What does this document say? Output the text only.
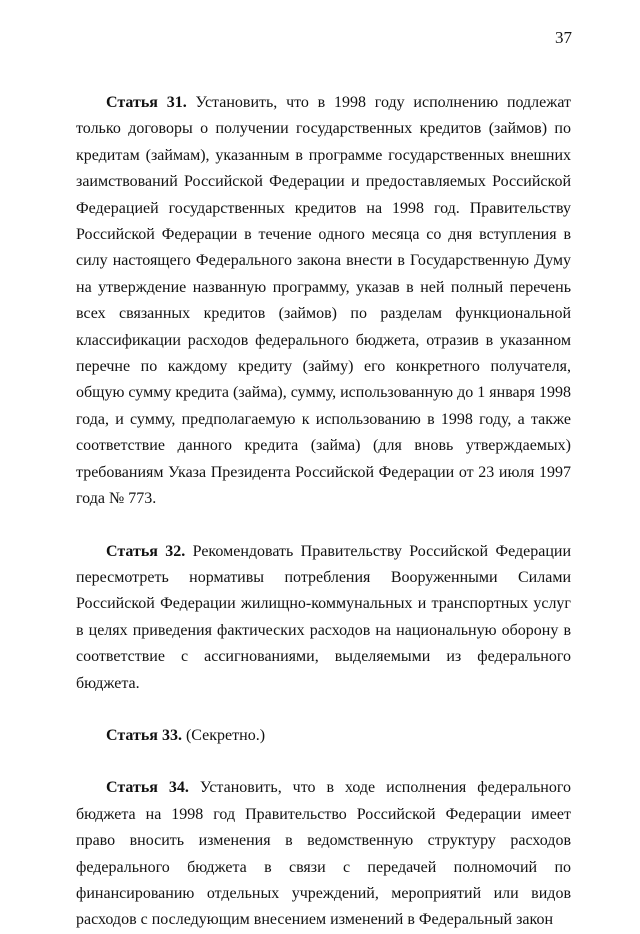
37

Статья 31. Установить, что в 1998 году исполнению подлежат только договоры о получении государственных кредитов (займов) по кредитам (займам), указанным в программе государственных внешних заимствований Российской Федерации и предоставляемых Российской Федерацией государственных кредитов на 1998 год. Правительству Российской Федерации в течение одного месяца со дня вступления в силу настоящего Федерального закона внести в Государственную Думу на утверждение названную программу, указав в ней полный перечень всех связанных кредитов (займов) по разделам функциональной классификации расходов федерального бюджета, отразив в указанном перечне по каждому кредиту (займу) его конкретного получателя, общую сумму кредита (займа), сумму, использованную до 1 января 1998 года, и сумму, предполагаемую к использованию в 1998 году, а также соответствие данного кредита (займа) (для вновь утверждаемых) требованиям Указа Президента Российской Федерации от 23 июля 1997 года № 773.

Статья 32. Рекомендовать Правительству Российской Федерации пересмотреть нормативы потребления Вооруженными Силами Российской Федерации жилищно-коммунальных и транспортных услуг в целях приведения фактических расходов на национальную оборону в соответствие с ассигнованиями, выделяемыми из федерального бюджета.

Статья 33. (Секретно.)

Статья 34. Установить, что в ходе исполнения федерального бюджета на 1998 год Правительство Российской Федерации имеет право вносить изменения в ведомственную структуру расходов федерального бюджета в связи с передачей полномочий по финансированию отдельных учреждений, мероприятий или видов расходов с последующим внесением изменений в Федеральный закон
